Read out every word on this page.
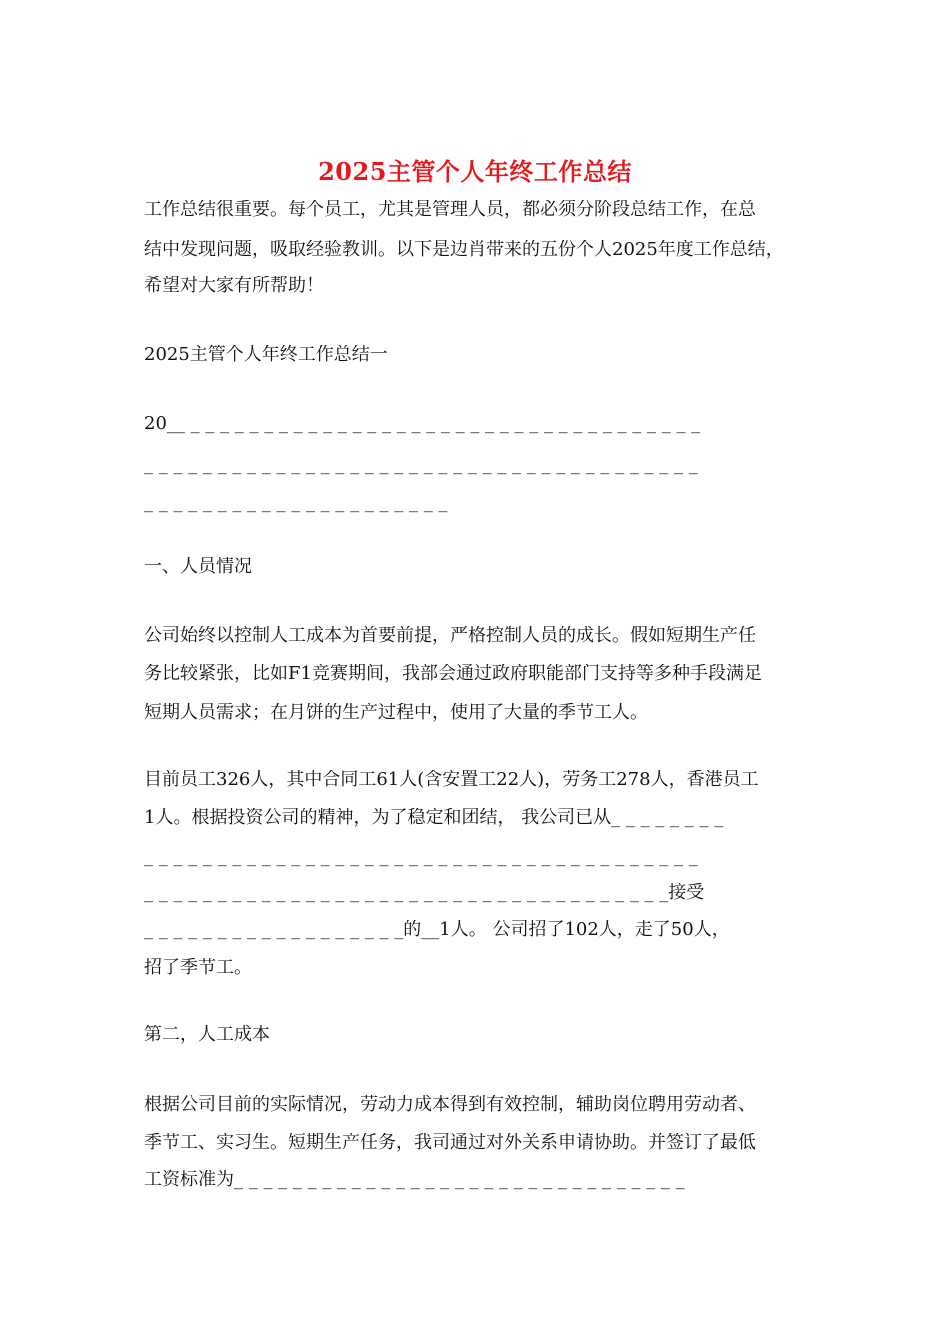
2025主管个人年终工作总结
工作总结很重要。每个员工，尤其是管理人员，都必须分阶段总结工作，在总
结中发现问题，吸取经验教训。以下是边肖带来的五份个人2025年度工作总结，
希望对大家有所帮助！
2025主管个人年终工作总结一
20__ _ _ _ _ _ _ _ _ _ _ _ _ _ _ _ _ _ _ _ _ _ _ _ _ _ _ _ _ _ _ _ _ _ _ _
_ _ _ _ _ _ _ _ _ _ _ _ _ _ _ _ _ _ _ _ _ _ _ _ _ _ _ _ _ _ _ _ _ _ _ _ _ _
_ _ _ _ _ _ _ _ _ _ _ _ _ _ _ _ _ _ _ _ _
一、人员情况
公司始终以控制人工成本为首要前提，严格控制人员的成长。假如短期生产任
务比较紧张，比如F1竞赛期间，我部会通过政府职能部门支持等多种手段满足
短期人员需求；在月饼的生产过程中，使用了大量的季节工人。
目前员工326人，其中合同工61人(含安置工22人)，劳务工278人，香港员工
1人。根据投资公司的精神，为了稳定和团结， 我公司已从_ _ _ _ _ _ _ _
_ _ _ _ _ _ _ _ _ _ _ _ _ _ _ _ _ _ _ _ _ _ _ _ _ _ _ _ _ _ _ _ _ _ _ _ _ _
_ _ _ _ _ _ _ _ _ _ _ _ _ _ _ _ _ _ _ _ _ _ _ _ _ _ _ _ _ _ _ _ _ _ _ _接受
_ _ _ _ _ _ _ _ _ _ _ _ _ _ _ _ _ _的__1人。 公司招了102人，走了50人，
招了季节工。
第二，人工成本
根据公司目前的实际情况，劳动力成本得到有效控制，辅助岗位聘用劳动者、
季节工、实习生。短期生产任务，我司通过对外关系申请协助。并签订了最低
工资标准为_ _ _ _ _ _ _ _ _ _ _ _ _ _ _ _ _ _ _ _ _ _ _ _ _ _ _ _ _ _ _
